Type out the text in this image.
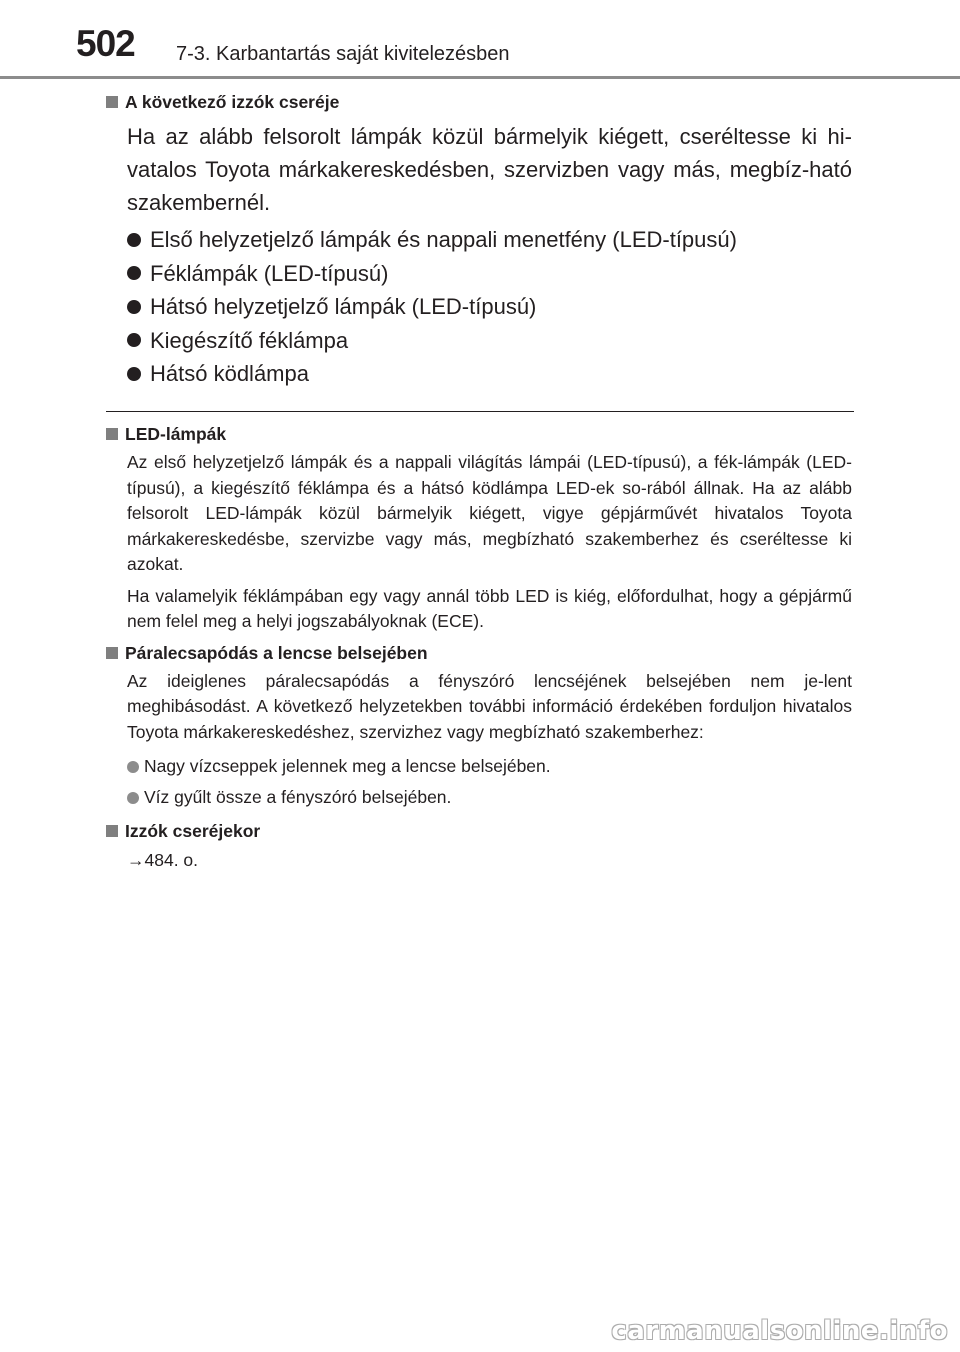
502 7-3. Karbantartás saját kivitelezésben
A következő izzók cseréje

Ha az alább felsorolt lámpák közül bármelyik kiégett, cseréltesse ki hi-vatalos Toyota márkakereskedésben, szervizben vagy más, megbíz-ható szakembernél.

Első helyzetjelző lámpák és nappali menetfény (LED-típusú)
Féklámpák (LED-típusú)
Hátsó helyzetjelző lámpák (LED-típusú)
Kiegészítő féklámpa
Hátsó ködlámpa
LED-lámpák

Az első helyzetjelző lámpák és a nappali világítás lámpái (LED-típusú), a fék-lámpák (LED-típusú), a kiegészítő féklámpa és a hátsó ködlámpa LED-ek so-rából állnak. Ha az alább felsorolt LED-lámpák közül bármelyik kiégett, vigye gépjárművét hivatalos Toyota márkakereskedésbe, szervizbe vagy más, megbízható szakemberhez és cseréltesse ki azokat.

Ha valamelyik féklámpában egy vagy annál több LED is kiég, előfordulhat, hogy a gépjármű nem felel meg a helyi jogszabályoknak (ECE).

Páralecsapódás a lencse belsejében

Az ideiglenes páralecsapódás a fényszóró lencséjének belsejében nem je-lent meghibásodást. A következő helyzetekben további információ érdekében forduljon hivatalos Toyota márkakereskedéshez, szervizhez vagy megbízható szakemberhez:

Nagy vízcseppek jelennek meg a lencse belsejében.
Víz gyűlt össze a fényszóró belsejében.
Izzók cseréjekor

→484. o.

carmanualsonline.info
